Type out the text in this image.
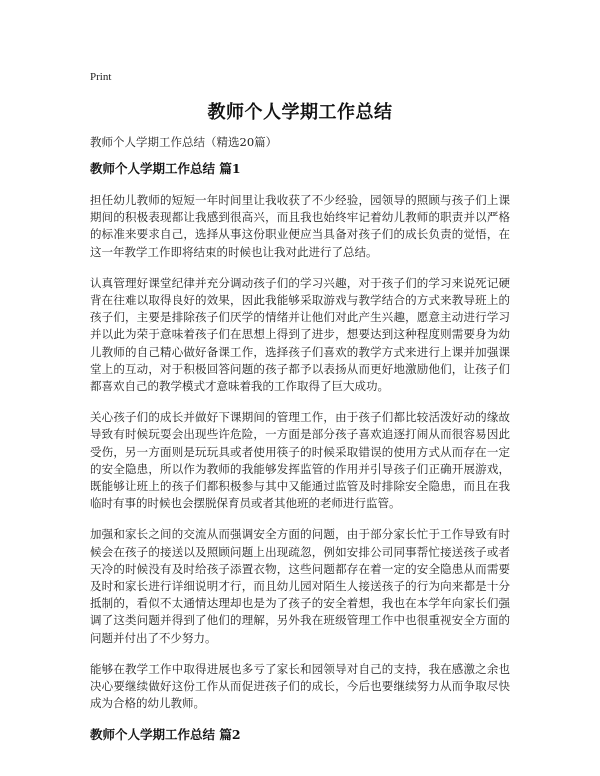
Print
教师个人学期工作总结
教师个人学期工作总结（精选20篇）
教师个人学期工作总结 篇1

担任幼儿教师的短短一年时间里让我收获了不少经验，园领导的照顾与孩子们上课期间的积极表现都让我感到很高兴，而且我也始终牢记着幼儿教师的职责并以严格的标准来要求自己，选择从事这份职业便应当具备对孩子们的成长负责的觉悟，在这一年教学工作即将结束的时候也让我对此进行了总结。

认真管理好课堂纪律并充分调动孩子们的学习兴趣，对于孩子们的学习来说死记硬背在往难以取得良好的效果，因此我能够采取游戏与教学结合的方式来教导班上的孩子们，主要是排除孩子们厌学的情绪并让他们对此产生兴趣，愿意主动进行学习并以此为荣于意味着孩子们在思想上得到了进步，想要达到这种程度则需要身为幼儿教师的自己精心做好备课工作，选择孩子们喜欢的教学方式来进行上课并加强课堂上的互动，对于积极回答问题的孩子都予以表扬从而更好地激励他们，让孩子们都喜欢自己的教学模式才意味着我的工作取得了巨大成功。

关心孩子们的成长并做好下课期间的管理工作，由于孩子们都比较活泼好动的缘故导致有时候玩耍会出现些许危险，一方面是部分孩子喜欢追逐打闹从而很容易因此受伤，另一方面则是玩玩具或者使用筷子的时候采取错误的使用方式从而存在一定的安全隐患，所以作为教师的我能够发挥监管的作用并引导孩子们正确开展游戏，既能够让班上的孩子们都积极参与其中又能通过监管及时排除安全隐患，而且在我临时有事的时候也会摆脱保育员或者其他班的老师进行监管。

加强和家长之间的交流从而强调安全方面的问题，由于部分家长忙于工作导致有时候会在孩子的接送以及照顾问题上出现疏忽，例如安排公司同事帮忙接送孩子或者天冷的时候没有及时给孩子添置衣物，这些问题都存在着一定的安全隐患从而需要及时和家长进行详细说明才行，而且幼儿园对陌生人接送孩子的行为向来都是十分抵制的，看似不太通情达理却也是为了孩子的安全着想，我也在本学年向家长们强调了这类问题并得到了他们的理解，另外我在班级管理工作中也很重视安全方面的问题并付出了不少努力。

能够在教学工作中取得进展也多亏了家长和园领导对自己的支持，我在感激之余也决心要继续做好这份工作从而促进孩子们的成长，今后也要继续努力从而争取尽快成为合格的幼儿教师。

教师个人学期工作总结 篇2
